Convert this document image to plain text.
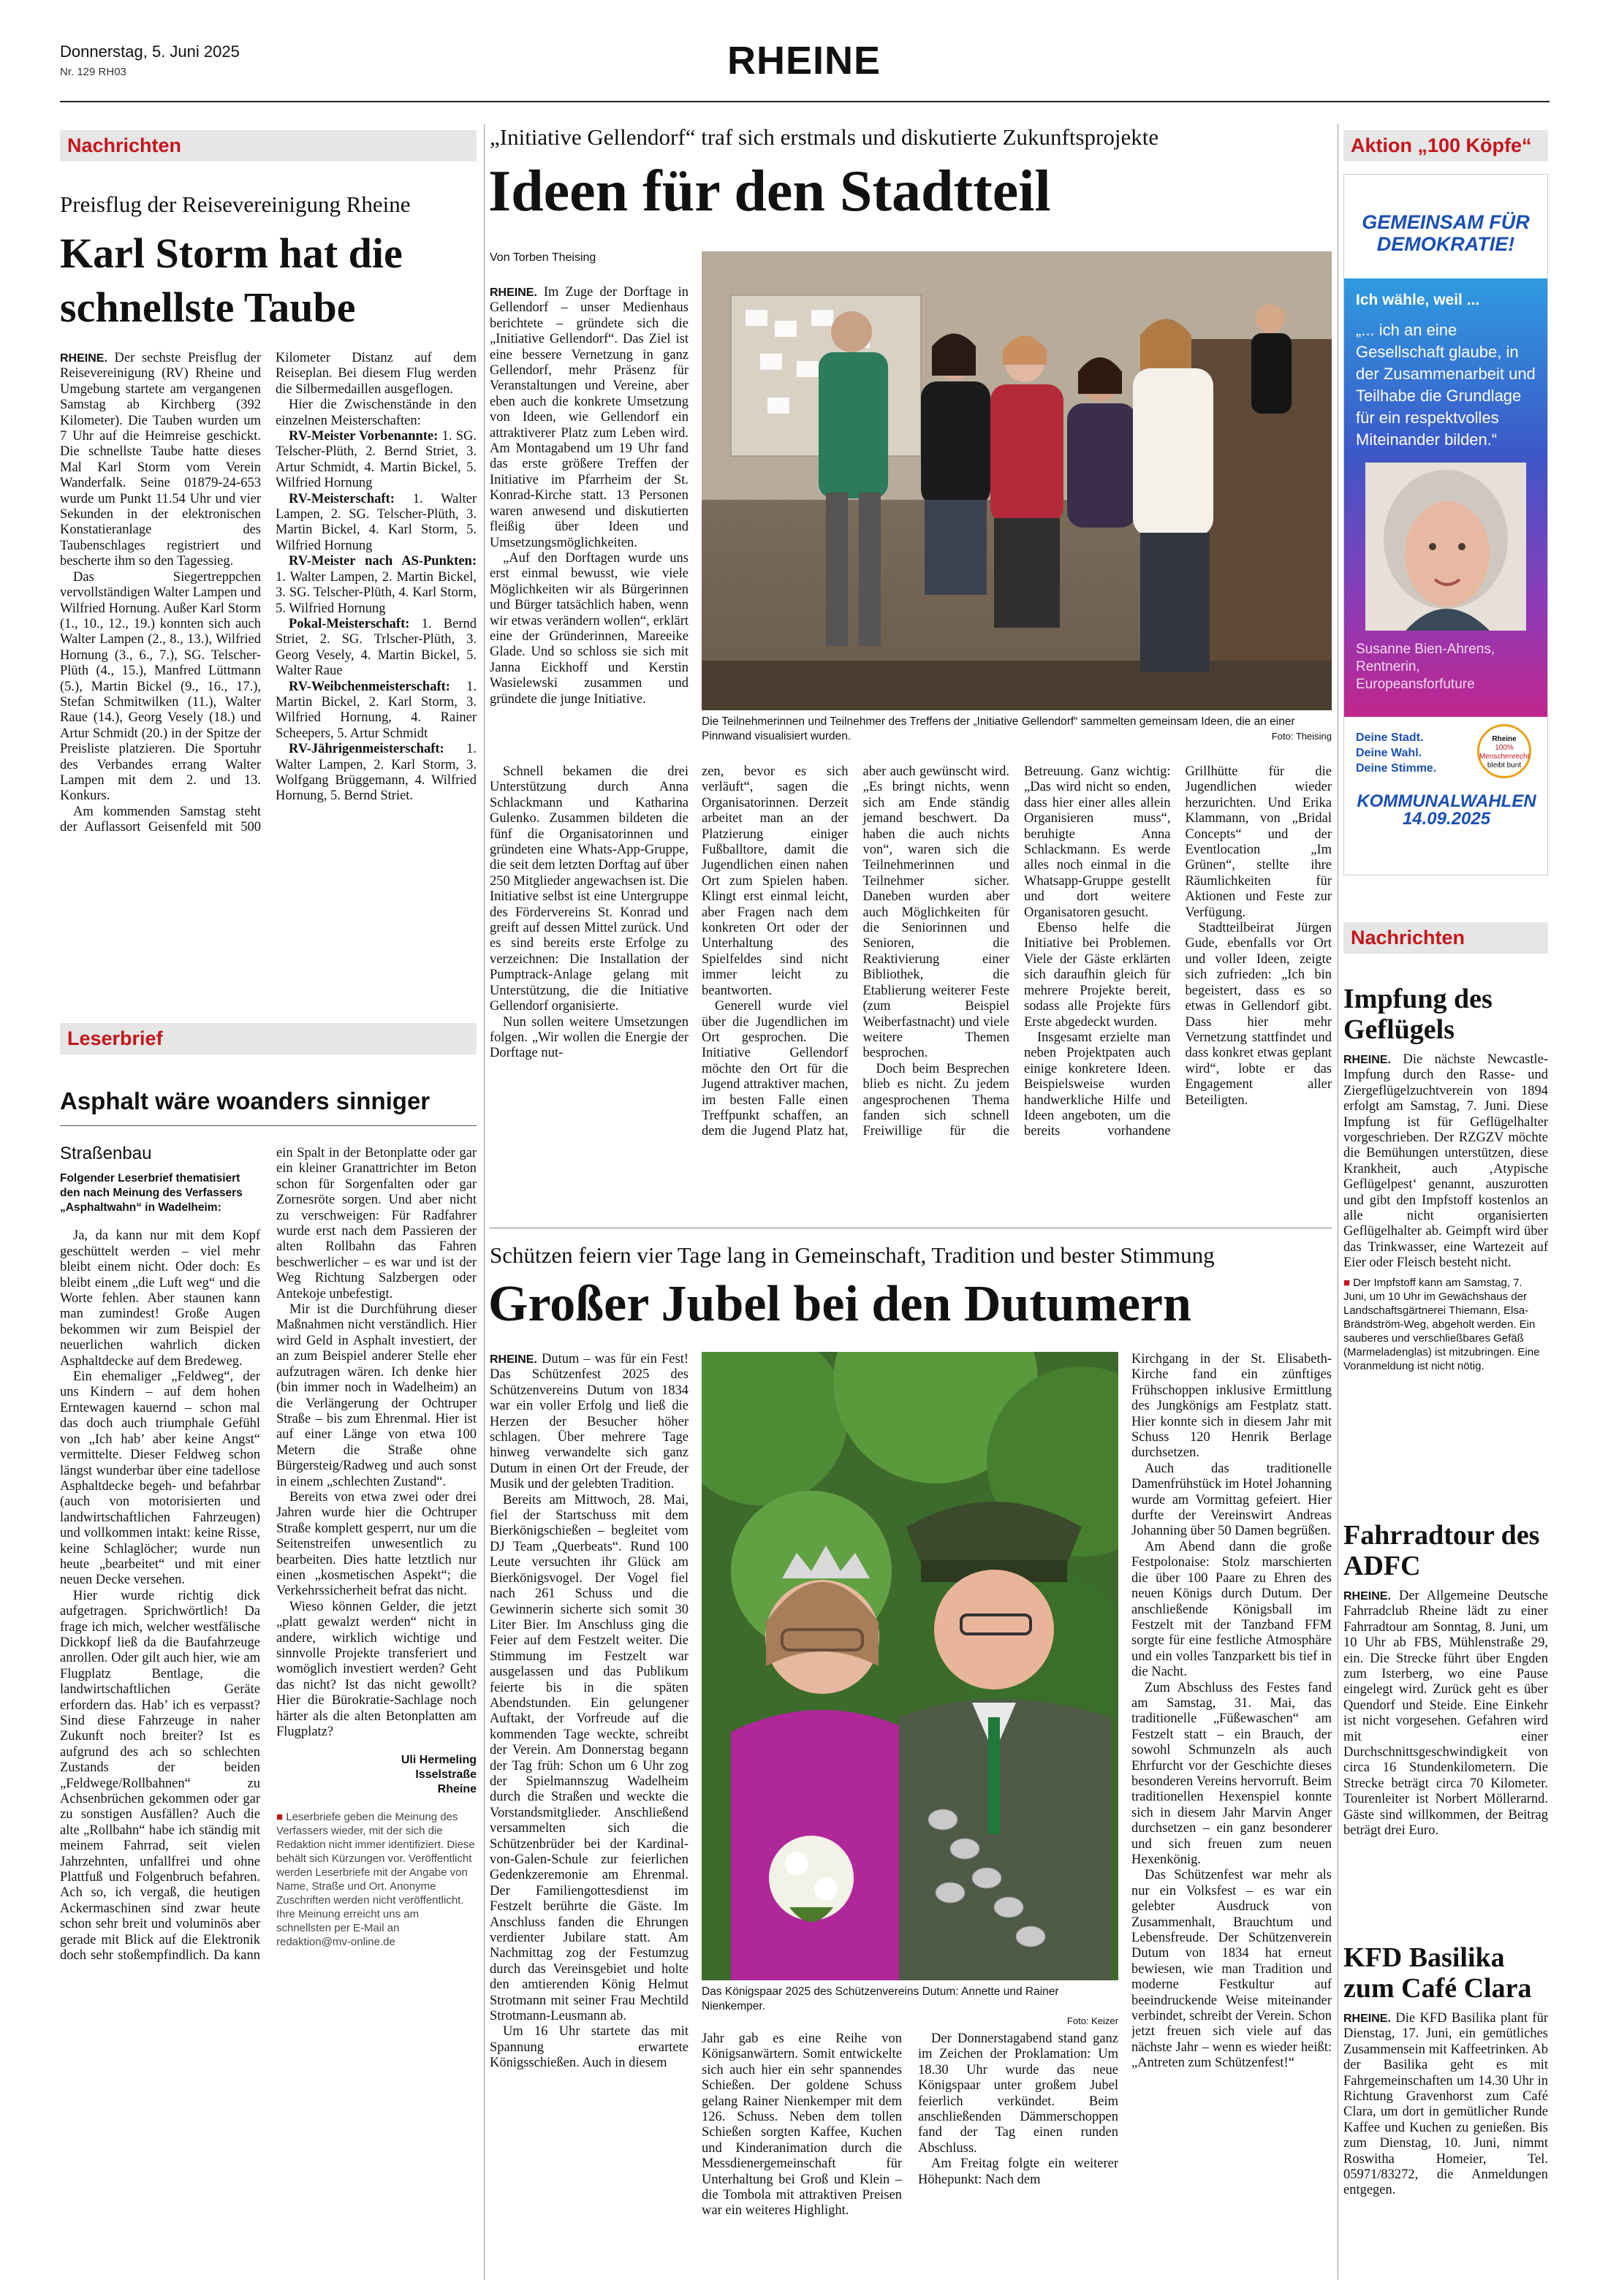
Donnerstag, 5. Juni 2025
Nr. 129 RH03	RHEINE
Nachrichten
Preisflug der Reisevereinigung Rheine
Karl Storm hat die schnellste Taube

RHEINE. Der sechste Preisflug der Reisevereinigung (RV) Rheine und Umgebung startete am vergangenen Samstag ab Kirchberg (392 Kilometer). Die Tauben wurden um 7 Uhr auf die Heimreise geschickt. Die schnellste Taube hatte dieses Mal Karl Storm vom Verein Wanderfalk. Seine 01879-24-653 wurde um Punkt 11.54 Uhr und vier Sekunden in der elektronischen Konstatieranlage des Taubenschlages registriert und bescherte ihm so den Tagessieg.

Das Siegertreppchen vervollständigen Walter Lampen und Wilfried Hornung. Außer Karl Storm (1., 10., 12., 19.) konnten sich auch Walter Lampen (2., 8., 13.), Wilfried Hornung (3., 6., 7.), SG. Telscher-Plüth (4., 15.), Manfred Lüttmann (5.), Martin Bickel (9., 16., 17.), Stefan Schmitwilken (11.), Walter Raue (14.), Georg Vesely (18.) und Artur Schmidt (20.) in der Spitze der Preisliste platzieren. Die Sportuhr des Verbandes errang Walter Lampen mit dem 2. und 13. Konkurs.

Am kommenden Samstag steht der Auflassort Geisenfeld mit 500 Kilometer Distanz auf dem Reiseplan. Bei diesem Flug werden die Silbermedaillen ausgeflogen.

Hier die Zwischenstände in den einzelnen Meisterschaften:

RV-Meister Vorbenannte: 1. SG. Telscher-Plüth, 2. Bernd Striet, 3. Artur Schmidt, 4. Martin Bickel, 5. Wilfried Hornung

RV-Meisterschaft: 1. Walter Lampen, 2. SG. Telscher-Plüth, 3. Martin Bickel, 4. Karl Storm, 5. Wilfried Hornung

RV-Meister nach AS-Punkten: 1. Walter Lampen, 2. Martin Bickel, 3. SG. Telscher-Plüth, 4. Karl Storm, 5. Wilfried Hornung

Pokal-Meisterschaft: 1. Bernd Striet, 2. SG. Trlscher-Plüth, 3. Georg Vesely, 4. Martin Bickel, 5. Walter Raue

RV-Weibchenmeisterschaft: 1. Martin Bickel, 2. Karl Storm, 3. Wilfried Hornung, 4. Rainer Scheepers, 5. Artur Schmidt

RV-Jährigenmeisterschaft: 1. Walter Lampen, 2. Karl Storm, 3. Wolfgang Brüggemann, 4. Wilfried Hornung, 5. Bernd Striet.

Leserbrief
Asphalt wäre woanders sinniger
Straßenbau

Folgender Leserbrief thematisiert den nach Meinung des Verfassers „Asphaltwahn“ in Wadelheim:

Ja, da kann nur mit dem Kopf geschüttelt werden – viel mehr bleibt einem nicht. Oder doch: Es bleibt einem „die Luft weg“ und die Worte fehlen. Aber staunen kann man zumindest! Große Augen bekommen wir zum Beispiel der neuerlichen wahrlich dicken Asphaltdecke auf dem Bredeweg.

Ein ehemaliger „Feldweg“, der uns Kindern – auf dem hohen Erntewagen kauernd – schon mal das doch auch triumphale Gefühl von „Ich hab’ aber keine Angst“ vermittelte. Dieser Feldweg schon längst wunderbar über eine tadellose Asphaltdecke begeh- und befahrbar (auch von motorisierten und landwirtschaftlichen Fahrzeugen) und vollkommen intakt: keine Risse, keine Schlaglöcher; wurde nun heute „bearbeitet“ und mit einer neuen Decke versehen.

Hier wurde richtig dick aufgetragen. Sprichwörtlich! Da frage ich mich, welcher westfälische Dickkopf ließ da die Baufahrzeuge anrollen. Oder gilt auch hier, wie am Flugplatz Bentlage, die landwirtschaftlichen Geräte erfordern das. Hab’ ich es verpasst? Sind diese Fahrzeuge in naher Zukunft noch breiter? Ist es aufgrund des ach so schlechten Zustands der beiden „Feldwege/Rollbahnen“ zu Achsenbrüchen gekommen oder gar zu sonstigen Ausfällen? Auch die alte „Rollbahn“ habe ich ständig mit meinem Fahrrad, seit vielen Jahrzehnten, unfallfrei und ohne Plattfuß und Folgenbruch befahren. Ach so, ich vergaß, die heutigen Ackermaschinen sind zwar heute schon sehr breit und voluminös aber gerade mit Blick auf die Elektronik doch sehr stoßempfindlich. Da kann ein Spalt in der Betonplatte oder gar ein kleiner Granattrichter im Beton schon für Sorgenfalten oder gar Zornesröte sorgen. Und aber nicht zu verschweigen: Für Radfahrer wurde erst nach dem Passieren der alten Rollbahn das Fahren beschwerlicher – es war und ist der Weg Richtung Salzbergen oder Antekoje unbefestigt.

Mir ist die Durchführung dieser Maßnahmen nicht verständlich. Hier wird Geld in Asphalt investiert, der an zum Beispiel anderer Stelle eher aufzutragen wären. Ich denke hier (bin immer noch in Wadelheim) an die Verlängerung der Ochtruper Straße – bis zum Ehrenmal. Hier ist auf einer Länge von etwa 100 Metern die Straße ohne Bürgersteig/Radweg und auch sonst in einem „schlechten Zustand“.

Bereits von etwa zwei oder drei Jahren wurde hier die Ochtruper Straße komplett gesperrt, nur um die Seitenstreifen unwesentlich zu bearbeiten. Dies hatte letztlich nur einen „kosmetischen Aspekt“; die Verkehrssicherheit befrat das nicht.

Wieso können Gelder, die jetzt „platt gewalzt werden“ nicht in andere, wirklich wichtige und sinnvolle Projekte transferiert und womöglich investiert werden? Geht das nicht? Ist das nicht gewollt? Hier die Bürokratie-Sachlage noch härter als die alten Betonplatten am Flugplatz?

Uli Hermeling
Isselstraße
Rheine
■ Leserbriefe geben die Meinung des Verfassers wieder, mit der sich die Redaktion nicht immer identifiziert. Diese behält sich Kürzungen vor. Veröffentlicht werden Leserbriefe mit der Angabe von Name, Straße und Ort. Anonyme Zuschriften werden nicht veröffentlicht. Ihre Meinung erreicht uns am schnellsten per E-Mail an redaktion@mv-online.de
„Initiative Gellendorf“ traf sich erstmals und diskutierte Zukunftsprojekte
Ideen für den Stadtteil
Von Torben Theising

RHEINE. Im Zuge der Dorftage in Gellendorf – unser Medienhaus berichtete – gründete sich die „Initiative Gellendorf“. Das Ziel ist eine bessere Vernetzung in ganz Gellendorf, mehr Präsenz für Veranstaltungen und Vereine, aber eben auch die konkrete Umsetzung von Ideen, wie Gellendorf ein attraktiverer Platz zum Leben wird. Am Montagabend um 19 Uhr fand das erste größere Treffen der Initiative im Pfarrheim der St. Konrad-Kirche statt. 13 Personen waren anwesend und diskutierten fleißig über Ideen und Umsetzungsmöglichkeiten.

„Auf den Dorftagen wurde uns erst einmal bewusst, wie viele Möglichkeiten wir als Bürgerinnen und Bürger tatsächlich haben, wenn wir etwas verändern wollen“, erklärt eine der Gründerinnen, Mareeike Glade. Und so schloss sie sich mit Janna Eickhoff und Kerstin Wasielewski zusammen und gründete die junge Initiative.

Die Teilnehmerinnen und Teilnehmer des Treffens der „Initiative Gellendorf“ sammelten gemeinsam Ideen, die an einer Pinnwand visualisiert wurden.	Foto: Theising

zen, bevor es sich verläuft“, sagen die Organisatorinnen. Derzeit arbeitet man an der Platzierung einiger Fußballtore, damit die Jugendlichen einen nahen Ort zum Spielen haben. Klingt erst einmal leicht, aber Fragen nach dem konkreten Ort oder der Unterhaltung des Spielfeldes sind nicht immer leicht zu beantworten.

Generell wurde viel über die Jugendlichen im Ort gesprochen. Die Initiative Gellendorf möchte den Ort für die Jugend attraktiver machen, im besten Falle einen Treffpunkt schaffen, an dem die Jugend Platz hat, aber auch gewünscht wird. „Es bringt nichts, wenn sich am Ende ständig jemand beschwert. Da haben die auch nichts von“, waren sich die Teilnehmerinnen und Teilnehmer sicher. Daneben wurden aber auch Möglichkeiten für die Seniorinnen und Senioren, die Reaktivierung einer Bibliothek, die Etablierung weiterer Feste (zum Beispiel Weiberfastnacht) und viele weitere Themen besprochen.

Doch beim Besprechen blieb es nicht. Zu jedem angesprochenen Thema fanden sich schnell Freiwillige für die Betreuung. Ganz wichtig: „Das wird nicht so enden, dass hier einer alles allein Organisieren muss“, beruhigte Anna Schlackmann. Es werde alles noch einmal in die Whatsapp-Gruppe gestellt und dort weitere Organisatoren gesucht.

Ebenso helfe die Initiative bei Problemen. Viele der Gäste erklärten sich daraufhin gleich für mehrere Projekte bereit, sodass alle Projekte fürs Erste abgedeckt wurden.

Insgesamt erzielte man neben Projektpaten auch einige konkretere Ideen. Beispielsweise wurden handwerkliche Hilfe und Ideen angeboten, um die bereits vorhandene Grillhütte für die Jugendlichen wieder herzurichten. Und Erika Klammann, von „Bridal Concepts“ und der Eventlocation „Im Grünen“, stellte ihre Räumlichkeiten für Aktionen und Feste zur Verfügung.

Stadtteilbeirat Jürgen Gude, ebenfalls vor Ort und voller Ideen, zeigte sich zufrieden: „Ich bin begeistert, dass es so etwas in Gellendorf gibt. Dass hier mehr Vernetzung stattfindet und dass konkret etwas geplant wird“, lobte er das Engagement aller Beteiligten.

Schnell bekamen die drei Unterstützung durch Anna Schlackmann und Katharina Gulenko. Zusammen bildeten die fünf die Organisatorinnen und gründeten eine Whats-App-Gruppe, die seit dem letzten Dorftag auf über 250 Mitglieder angewachsen ist. Die Initiative selbst ist eine Untergruppe des Fördervereins St. Konrad und greift auf dessen Mittel zurück. Und es sind bereits erste Erfolge zu verzeichnen: Die Installation der Pumptrack-Anlage gelang mit Unterstützung, die die Initiative Gellendorf organisierte.

Nun sollen weitere Umsetzungen folgen. „Wir wollen die Energie der Dorftage nut-

Schützen feiern vier Tage lang in Gemeinschaft, Tradition und bester Stimmung
Großer Jubel bei den Dutumern

RHEINE. Dutum – was für ein Fest! Das Schützenfest 2025 des Schützenvereins Dutum von 1834 war ein voller Erfolg und ließ die Herzen der Besucher höher schlagen. Über mehrere Tage hinweg verwandelte sich ganz Dutum in einen Ort der Freude, der Musik und der gelebten Tradition.

Bereits am Mittwoch, 28. Mai, fiel der Startschuss mit dem Bierkönigschießen – begleitet vom DJ Team „Querbeats“. Rund 100 Leute versuchten ihr Glück am Bierkönigsvogel. Der Vogel fiel nach 261 Schuss und die Gewinnerin sicherte sich somit 30 Liter Bier. Im Anschluss ging die Feier auf dem Festzelt weiter. Die Stimmung im Festzelt war ausgelassen und das Publikum feierte bis in die späten Abendstunden. Ein gelungener Auftakt, der Vorfreude auf die kommenden Tage weckte, schreibt der Verein. Am Donnerstag begann der Tag früh: Schon um 6 Uhr zog der Spielmannszug Wadelheim durch die Straßen und weckte die Vorstandsmitglieder. Anschließend versammelten sich die Schützenbrüder bei der Kardinal-von-Galen-Schule zur feierlichen Gedenkzeremonie am Ehrenmal. Der Familiengottesdienst im Festzelt berührte die Gäste. Im Anschluss fanden die Ehrungen verdienter Jubilare statt. Am Nachmittag zog der Festumzug durch das Vereinsgebiet und holte den amtierenden König Helmut Strotmann mit seiner Frau Mechtild Strotmann-Leusmann ab.

Um 16 Uhr startete das mit Spannung erwartete Königsschießen. Auch in diesem

Das Königspaar 2025 des Schützenvereins Dutum: Annette und Rainer Nienkemper.
Foto: Keizer

Jahr gab es eine Reihe von Königsanwärtern. Somit entwickelte sich auch hier ein sehr spannendes Schießen. Der goldene Schuss gelang Rainer Nienkemper mit dem 126. Schuss. Neben dem tollen Schießen sorgten Kaffee, Kuchen und Kinderanimation durch die Messdienergemeinschaft für Unterhaltung bei Groß und Klein – die Tombola mit attraktiven Preisen war ein weiteres Highlight.

Der Donnerstagabend stand ganz im Zeichen der Proklamation: Um 18.30 Uhr wurde das neue Königspaar unter großem Jubel feierlich verkündet. Beim anschließenden Dämmerschoppen fand der Tag einen runden Abschluss.

Am Freitag folgte ein weiterer Höhepunkt: Nach dem

Kirchgang in der St. Elisabeth-Kirche fand ein zünftiges Frühschoppen inklusive Ermittlung des Jungkönigs am Festplatz statt. Hier konnte sich in diesem Jahr mit Schuss 120 Henrik Berlage durchsetzen.

Auch das traditionelle Damenfrühstück im Hotel Johanning wurde am Vormittag gefeiert. Hier durfte der Vereinswirt Andreas Johanning über 50 Damen begrüßen.

Am Abend dann die große Festpolonaise: Stolz marschierten die über 100 Paare zu Ehren des neuen Königs durch Dutum. Der anschließende Königsball im Festzelt mit der Tanzband FFM sorgte für eine festliche Atmosphäre und ein volles Tanzparkett bis tief in die Nacht.

Zum Abschluss des Festes fand am Samstag, 31. Mai, das traditionelle „Füßewaschen“ am Festzelt statt – ein Brauch, der sowohl Schmunzeln als auch Ehrfurcht vor der Geschichte dieses besonderen Vereins hervorruft. Beim traditionellen Hexenspiel konnte sich in diesem Jahr Marvin Anger durchsetzen – ein ganz besonderer und sich freuen zum neuen Hexenkönig.

Das Schützenfest war mehr als nur ein Volksfest – es war ein gelebter Ausdruck von Zusammenhalt, Brauchtum und Lebensfreude. Der Schützenverein Dutum von 1834 hat erneut bewiesen, wie man Tradition und moderne Festkultur auf beeindruckende Weise miteinander verbindet, schreibt der Verein. Schon jetzt freuen sich viele auf das nächste Jahr – wenn es wieder heißt: „Antreten zum Schützenfest!“

Aktion „100 Köpfe“
GEMEINSAM FÜR
DEMOKRATIE!
Ich wähle, weil ...
„... ich an eine Gesellschaft glaube, in der Zusammenarbeit und Teilhabe die Grundlage für ein respektvolles Miteinander bilden.“
Susanne Bien-Ahrens,
Rentnerin,
Europeansforfuture
Deine Stadt.
Deine Wahl.
Deine Stimme.
Rheine
100% Menschenrecht
bleibt bunt
KOMMUNALWAHLEN
14.09.2025
Nachrichten
Impfung des Geflügels

RHEINE. Die nächste Newcastle-Impfung durch den Rasse- und Ziergeflügelzuchtverein von 1894 erfolgt am Samstag, 7. Juni. Diese Impfung ist für Geflügelhalter vorgeschrieben. Der RZGZV möchte die Bemühungen unterstützen, diese Krankheit, auch ‚Atypische Geflügelpest‘ genannt, auszurotten und gibt den Impfstoff kostenlos an alle nicht organisierten Geflügelhalter ab. Geimpft wird über das Trinkwasser, eine Wartezeit auf Eier oder Fleisch besteht nicht.

■ Der Impfstoff kann am Samstag, 7. Juni, um 10 Uhr im Gewächshaus der Landschaftsgärtnerei Thiemann, Elsa-Brändström-Weg, abgeholt werden. Ein sauberes und verschließbares Gefäß (Marmeladenglas) ist mitzubringen. Eine Voranmeldung ist nicht nötig.
Fahrradtour des ADFC

RHEINE. Der Allgemeine Deutsche Fahrradclub Rheine lädt zu einer Fahrradtour am Sonntag, 8. Juni, um 10 Uhr ab FBS, Mühlenstraße 29, ein. Die Strecke führt über Engden zum Isterberg, wo eine Pause eingelegt wird. Zurück geht es über Quendorf und Steide. Eine Einkehr ist nicht vorgesehen. Gefahren wird mit einer Durchschnittsgeschwindigkeit von circa 16 Stundenkilometern. Die Strecke beträgt circa 70 Kilometer. Tourenleiter ist Norbert Möllerarnd. Gäste sind willkommen, der Beitrag beträgt drei Euro.

KFD Basilika zum Café Clara

RHEINE. Die KFD Basilika plant für Dienstag, 17. Juni, ein gemütliches Zusammensein mit Kaffeetrinken. Ab der Basilika geht es mit Fahrgemeinschaften um 14.30 Uhr in Richtung Gravenhorst zum Café Clara, um dort in gemütlicher Runde Kaffee und Kuchen zu genießen. Bis zum Dienstag, 10. Juni, nimmt Roswitha Homeier, Tel. 05971/83272, die Anmeldungen entgegen.
